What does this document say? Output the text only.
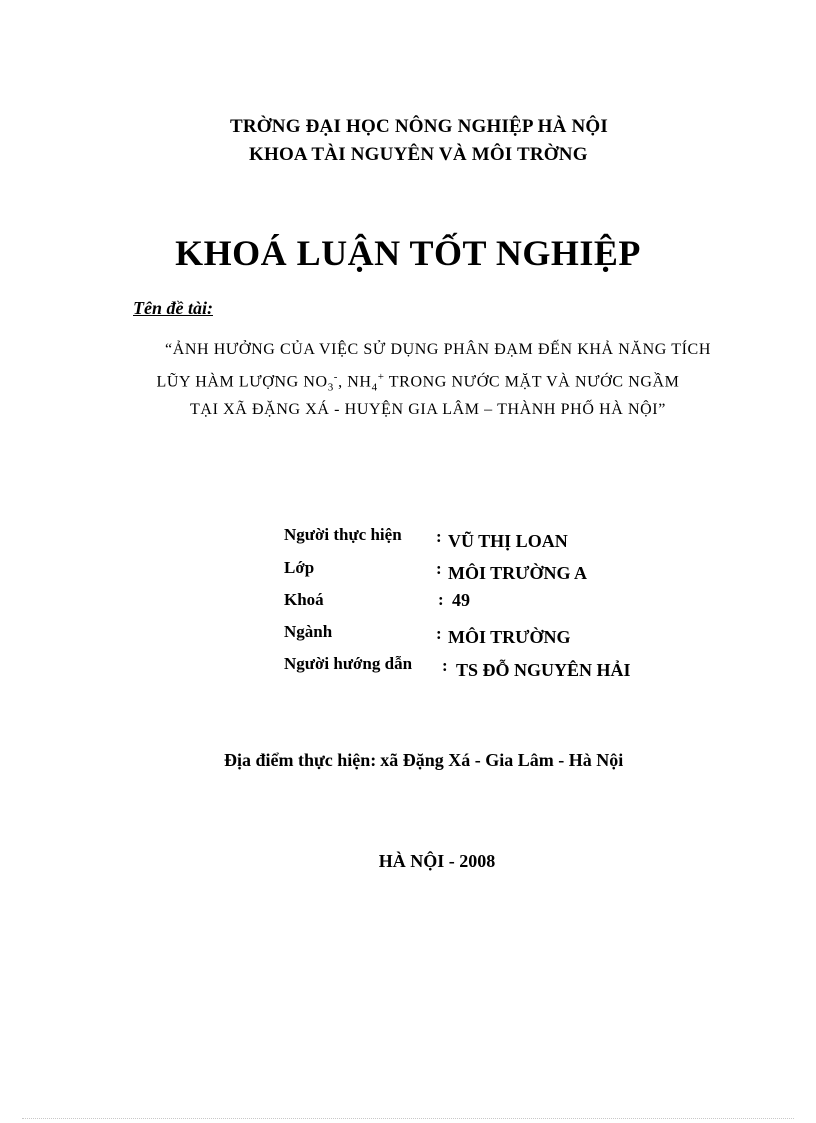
TRỜNG ĐẠI HỌC NÔNG NGHIỆP HÀ NỘI
KHOA TÀI NGUYÊN VÀ MÔI TRỜNG
KHOÁ LUẬN TỐT NGHIỆP
Tên đề tài:
“ẢNH HƯỞNG CỦA VIỆC SỬ DỤNG PHÂN ĐẠM ĐẾN KHẢ NĂNG TÍCH
LŨY HÀM LƯỢNG $NO_3^-$, $NH_4^+$ TRONG NƯỚC MẶT VÀ NƯỚC NGẦM
TẠI XÃ ĐẶNG XÁ - HUYỆN GIA LÂM – THÀNH PHỐ HÀ NỘI”
Người thực hiện : VŨ THỊ LOAN
Lớp	: MÔI TRƯỜNG A
Khoá	: 49
Ngành	: MÔI TRƯỜNG
Người hướng dẫn : TS ĐỖ NGUYÊN HẢI
Địa điểm thực hiện: xã Đặng Xá - Gia Lâm - Hà Nội
HÀ NỘI - 2008
